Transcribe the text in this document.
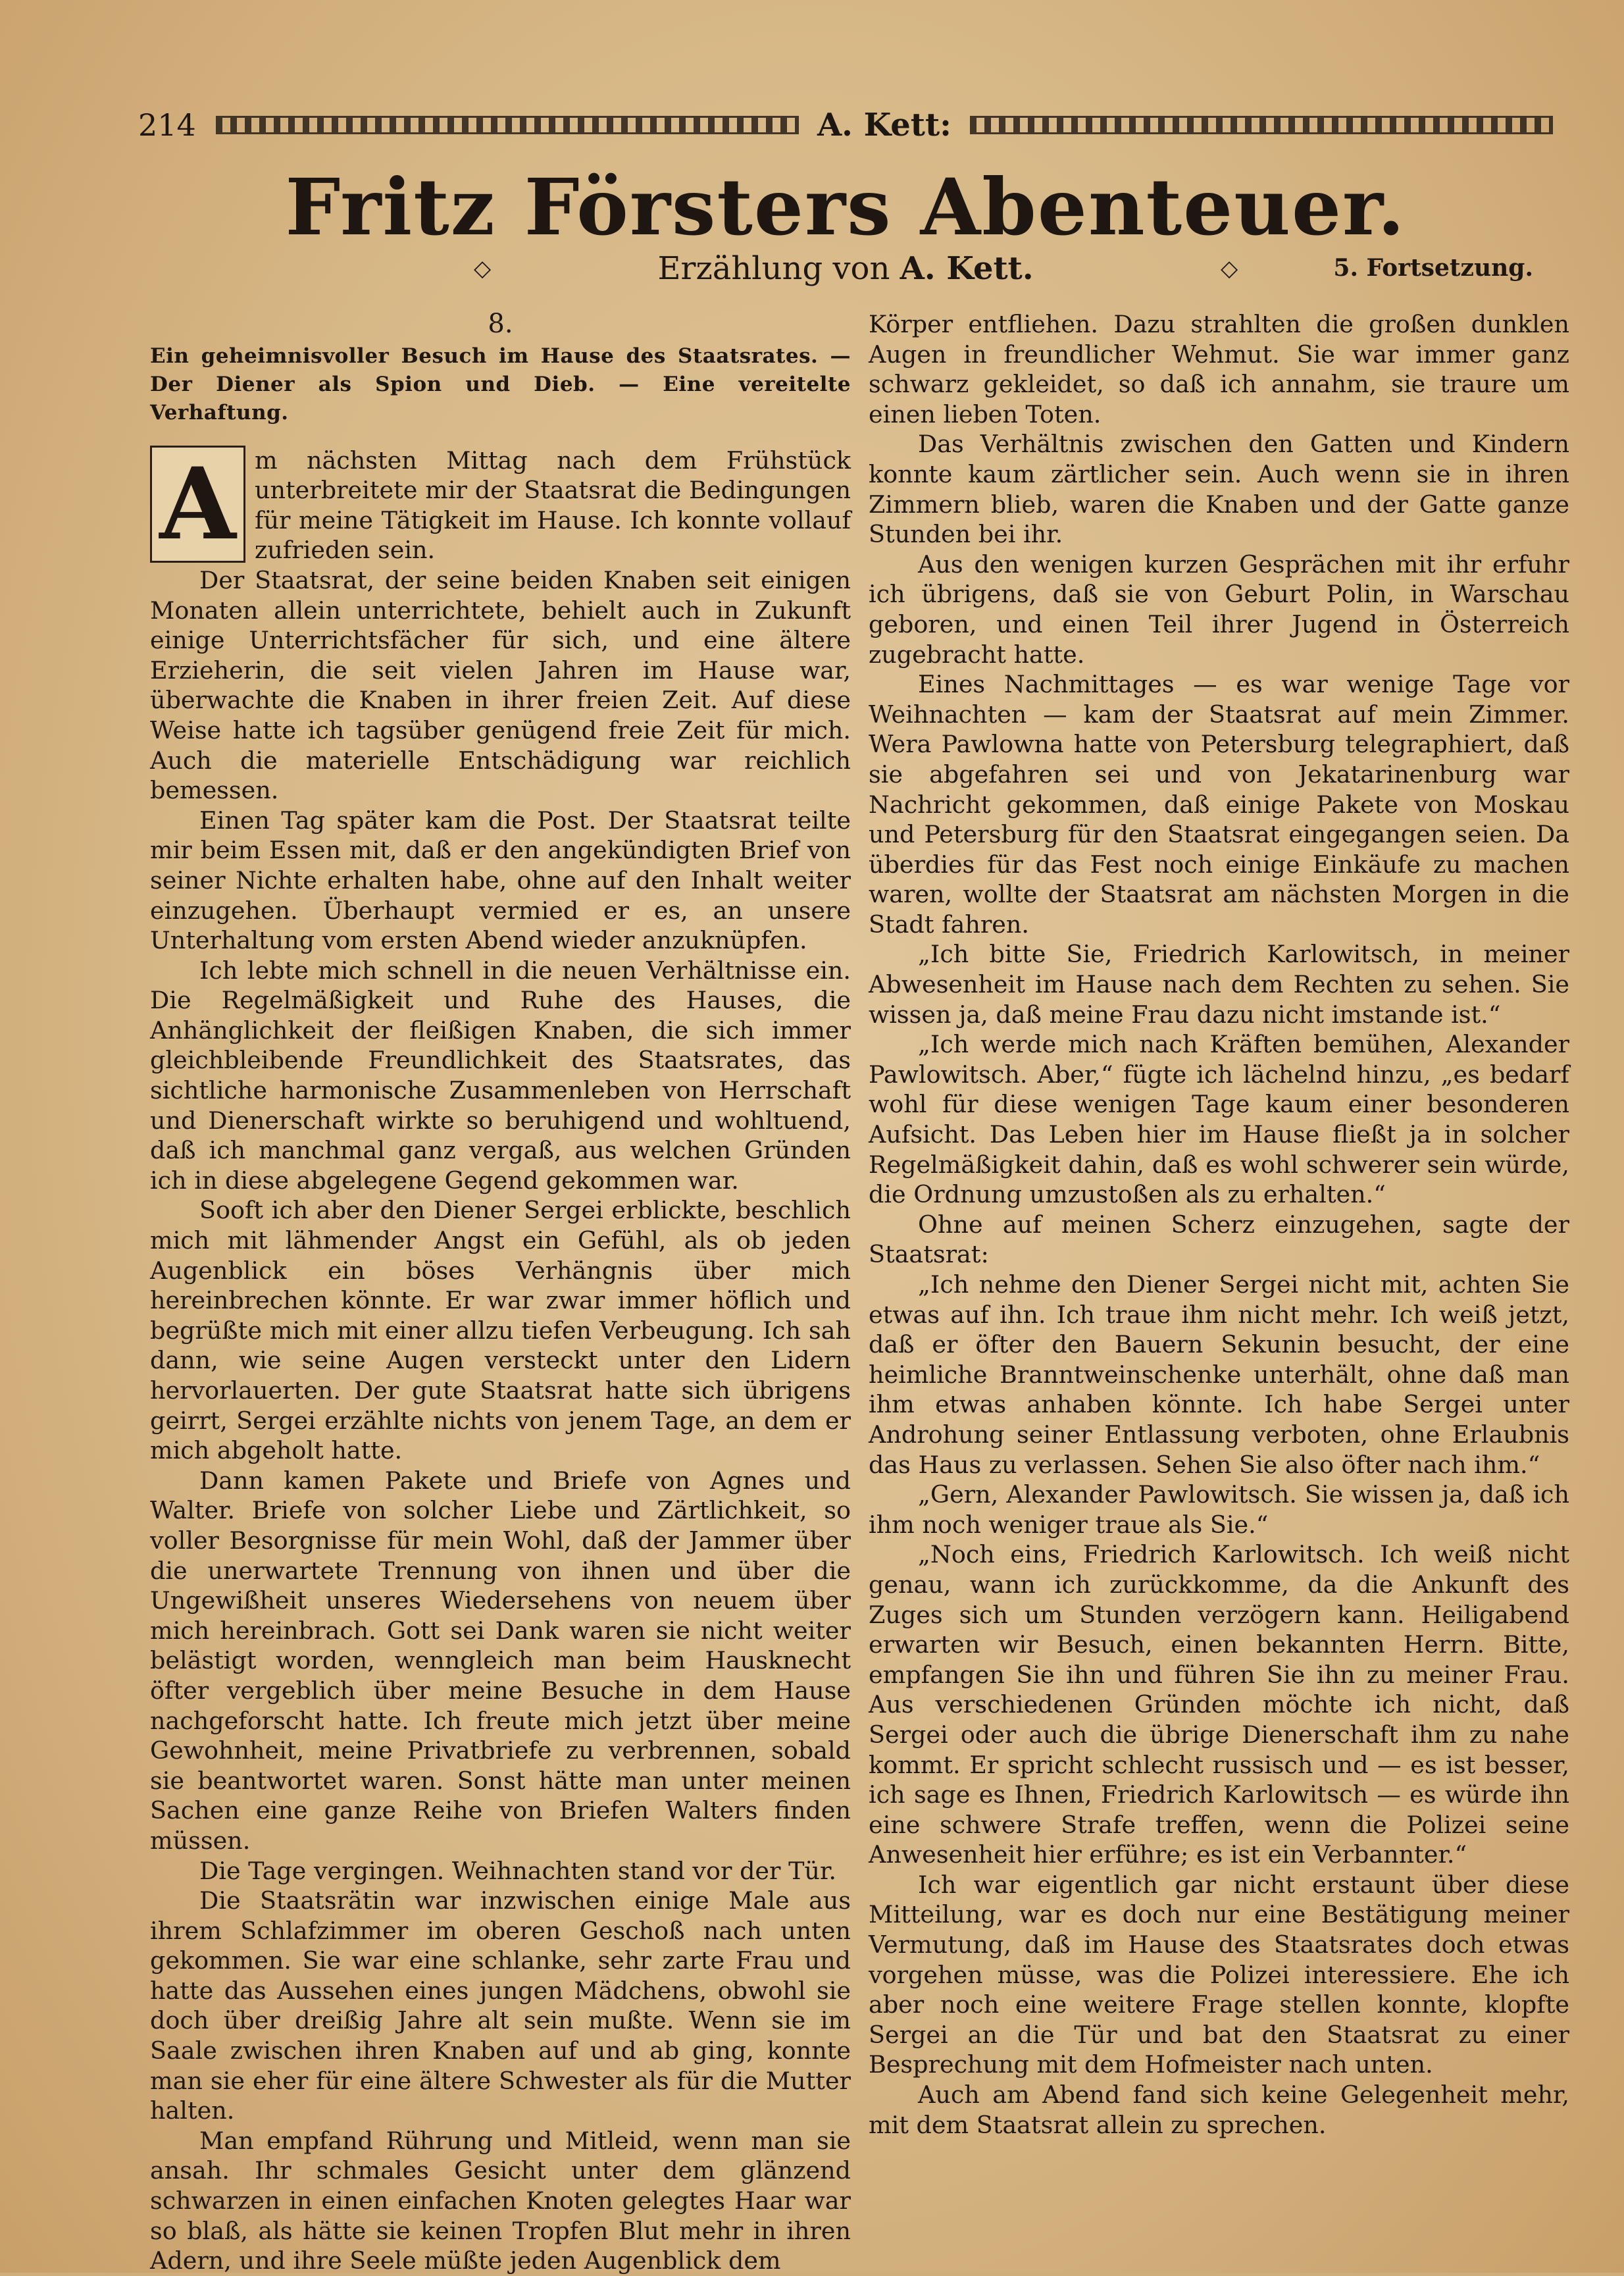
214	A. Kett:
Fritz Försters Abenteuer.
◇	Erzählung von A. Kett.	◇	5. Fortsetzung.
8.
Ein geheimnisvoller Besuch im Hause des Staatsrates. — Der Diener als Spion und Dieb. — Eine vereitelte Verhaftung.

A m nächsten Mittag nach dem Frühstück unterbreitete mir der Staatsrat die Bedingungen für meine Tätigkeit im Hause. Ich konnte vollauf zufrieden sein.

Der Staatsrat, der seine beiden Knaben seit einigen Monaten allein unterrichtete, behielt auch in Zukunft einige Unterrichtsfächer für sich, und eine ältere Erzieherin, die seit vielen Jahren im Hause war, überwachte die Knaben in ihrer freien Zeit. Auf diese Weise hatte ich tagsüber genügend freie Zeit für mich. Auch die materielle Entschädigung war reichlich bemessen.

Einen Tag später kam die Post. Der Staatsrat teilte mir beim Essen mit, daß er den angekündigten Brief von seiner Nichte erhalten habe, ohne auf den Inhalt weiter einzugehen. Überhaupt vermied er es, an unsere Unterhaltung vom ersten Abend wieder anzuknüpfen.

Ich lebte mich schnell in die neuen Verhältnisse ein. Die Regelmäßigkeit und Ruhe des Hauses, die Anhänglichkeit der fleißigen Knaben, die sich immer gleichbleibende Freundlichkeit des Staatsrates, das sichtliche harmonische Zusammenleben von Herrschaft und Dienerschaft wirkte so beruhigend und wohltuend, daß ich manchmal ganz vergaß, aus welchen Gründen ich in diese abgelegene Gegend gekommen war.

Sooft ich aber den Diener Sergei erblickte, beschlich mich mit lähmender Angst ein Gefühl, als ob jeden Augenblick ein böses Verhängnis über mich hereinbrechen könnte. Er war zwar immer höflich und begrüßte mich mit einer allzu tiefen Verbeugung. Ich sah dann, wie seine Augen versteckt unter den Lidern hervorlauerten. Der gute Staatsrat hatte sich übrigens geirrt, Sergei erzählte nichts von jenem Tage, an dem er mich abgeholt hatte.

Dann kamen Pakete und Briefe von Agnes und Walter. Briefe von solcher Liebe und Zärtlichkeit, so voller Besorgnisse für mein Wohl, daß der Jammer über die unerwartete Trennung von ihnen und über die Ungewißheit unseres Wiedersehens von neuem über mich hereinbrach. Gott sei Dank waren sie nicht weiter belästigt worden, wenngleich man beim Hausknecht öfter vergeblich über meine Besuche in dem Hause nachgeforscht hatte. Ich freute mich jetzt über meine Gewohnheit, meine Privatbriefe zu verbrennen, sobald sie beantwortet waren. Sonst hätte man unter meinen Sachen eine ganze Reihe von Briefen Walters finden müssen.

Die Tage vergingen. Weihnachten stand vor der Tür.

Die Staatsrätin war inzwischen einige Male aus ihrem Schlafzimmer im oberen Geschoß nach unten gekommen. Sie war eine schlanke, sehr zarte Frau und hatte das Aussehen eines jungen Mädchens, obwohl sie doch über dreißig Jahre alt sein mußte. Wenn sie im Saale zwischen ihren Knaben auf und ab ging, konnte man sie eher für eine ältere Schwester als für die Mutter halten.

Man empfand Rührung und Mitleid, wenn man sie ansah. Ihr schmales Gesicht unter dem glänzend schwarzen in einen einfachen Knoten gelegtes Haar war so blaß, als hätte sie keinen Tropfen Blut mehr in ihren Adern, und ihre Seele müßte jeden Augenblick dem

Körper entfliehen. Dazu strahlten die großen dunklen Augen in freundlicher Wehmut. Sie war immer ganz schwarz gekleidet, so daß ich annahm, sie traure um einen lieben Toten.

Das Verhältnis zwischen den Gatten und Kindern konnte kaum zärtlicher sein. Auch wenn sie in ihren Zimmern blieb, waren die Knaben und der Gatte ganze Stunden bei ihr.

Aus den wenigen kurzen Gesprächen mit ihr erfuhr ich übrigens, daß sie von Geburt Polin, in Warschau geboren, und einen Teil ihrer Jugend in Österreich zugebracht hatte.

Eines Nachmittages — es war wenige Tage vor Weihnachten — kam der Staatsrat auf mein Zimmer. Wera Pawlowna hatte von Petersburg telegraphiert, daß sie abgefahren sei und von Jekatarinenburg war Nachricht gekommen, daß einige Pakete von Moskau und Petersburg für den Staatsrat eingegangen seien. Da überdies für das Fest noch einige Einkäufe zu machen waren, wollte der Staatsrat am nächsten Morgen in die Stadt fahren.

„Ich bitte Sie, Friedrich Karlowitsch, in meiner Abwesenheit im Hause nach dem Rechten zu sehen. Sie wissen ja, daß meine Frau dazu nicht imstande ist.“

„Ich werde mich nach Kräften bemühen, Alexander Pawlowitsch. Aber,“ fügte ich lächelnd hinzu, „es bedarf wohl für diese wenigen Tage kaum einer besonderen Aufsicht. Das Leben hier im Hause fließt ja in solcher Regelmäßigkeit dahin, daß es wohl schwerer sein würde, die Ordnung umzustoßen als zu erhalten.“

Ohne auf meinen Scherz einzugehen, sagte der Staatsrat:

„Ich nehme den Diener Sergei nicht mit, achten Sie etwas auf ihn. Ich traue ihm nicht mehr. Ich weiß jetzt, daß er öfter den Bauern Sekunin besucht, der eine heimliche Branntweinschenke unterhält, ohne daß man ihm etwas anhaben könnte. Ich habe Sergei unter Androhung seiner Entlassung verboten, ohne Erlaubnis das Haus zu verlassen. Sehen Sie also öfter nach ihm.“

„Gern, Alexander Pawlowitsch. Sie wissen ja, daß ich ihm noch weniger traue als Sie.“

„Noch eins, Friedrich Karlowitsch. Ich weiß nicht genau, wann ich zurückkomme, da die Ankunft des Zuges sich um Stunden verzögern kann. Heiligabend erwarten wir Besuch, einen bekannten Herrn. Bitte, empfangen Sie ihn und führen Sie ihn zu meiner Frau. Aus verschiedenen Gründen möchte ich nicht, daß Sergei oder auch die übrige Dienerschaft ihm zu nahe kommt. Er spricht schlecht russisch und — es ist besser, ich sage es Ihnen, Friedrich Karlowitsch — es würde ihn eine schwere Strafe treffen, wenn die Polizei seine Anwesenheit hier erführe; es ist ein Verbannter.“

Ich war eigentlich gar nicht erstaunt über diese Mitteilung, war es doch nur eine Bestätigung meiner Vermutung, daß im Hause des Staatsrates doch etwas vorgehen müsse, was die Polizei interessiere. Ehe ich aber noch eine weitere Frage stellen konnte, klopfte Sergei an die Tür und bat den Staatsrat zu einer Besprechung mit dem Hofmeister nach unten.

Auch am Abend fand sich keine Gelegenheit mehr, mit dem Staatsrat allein zu sprechen.
